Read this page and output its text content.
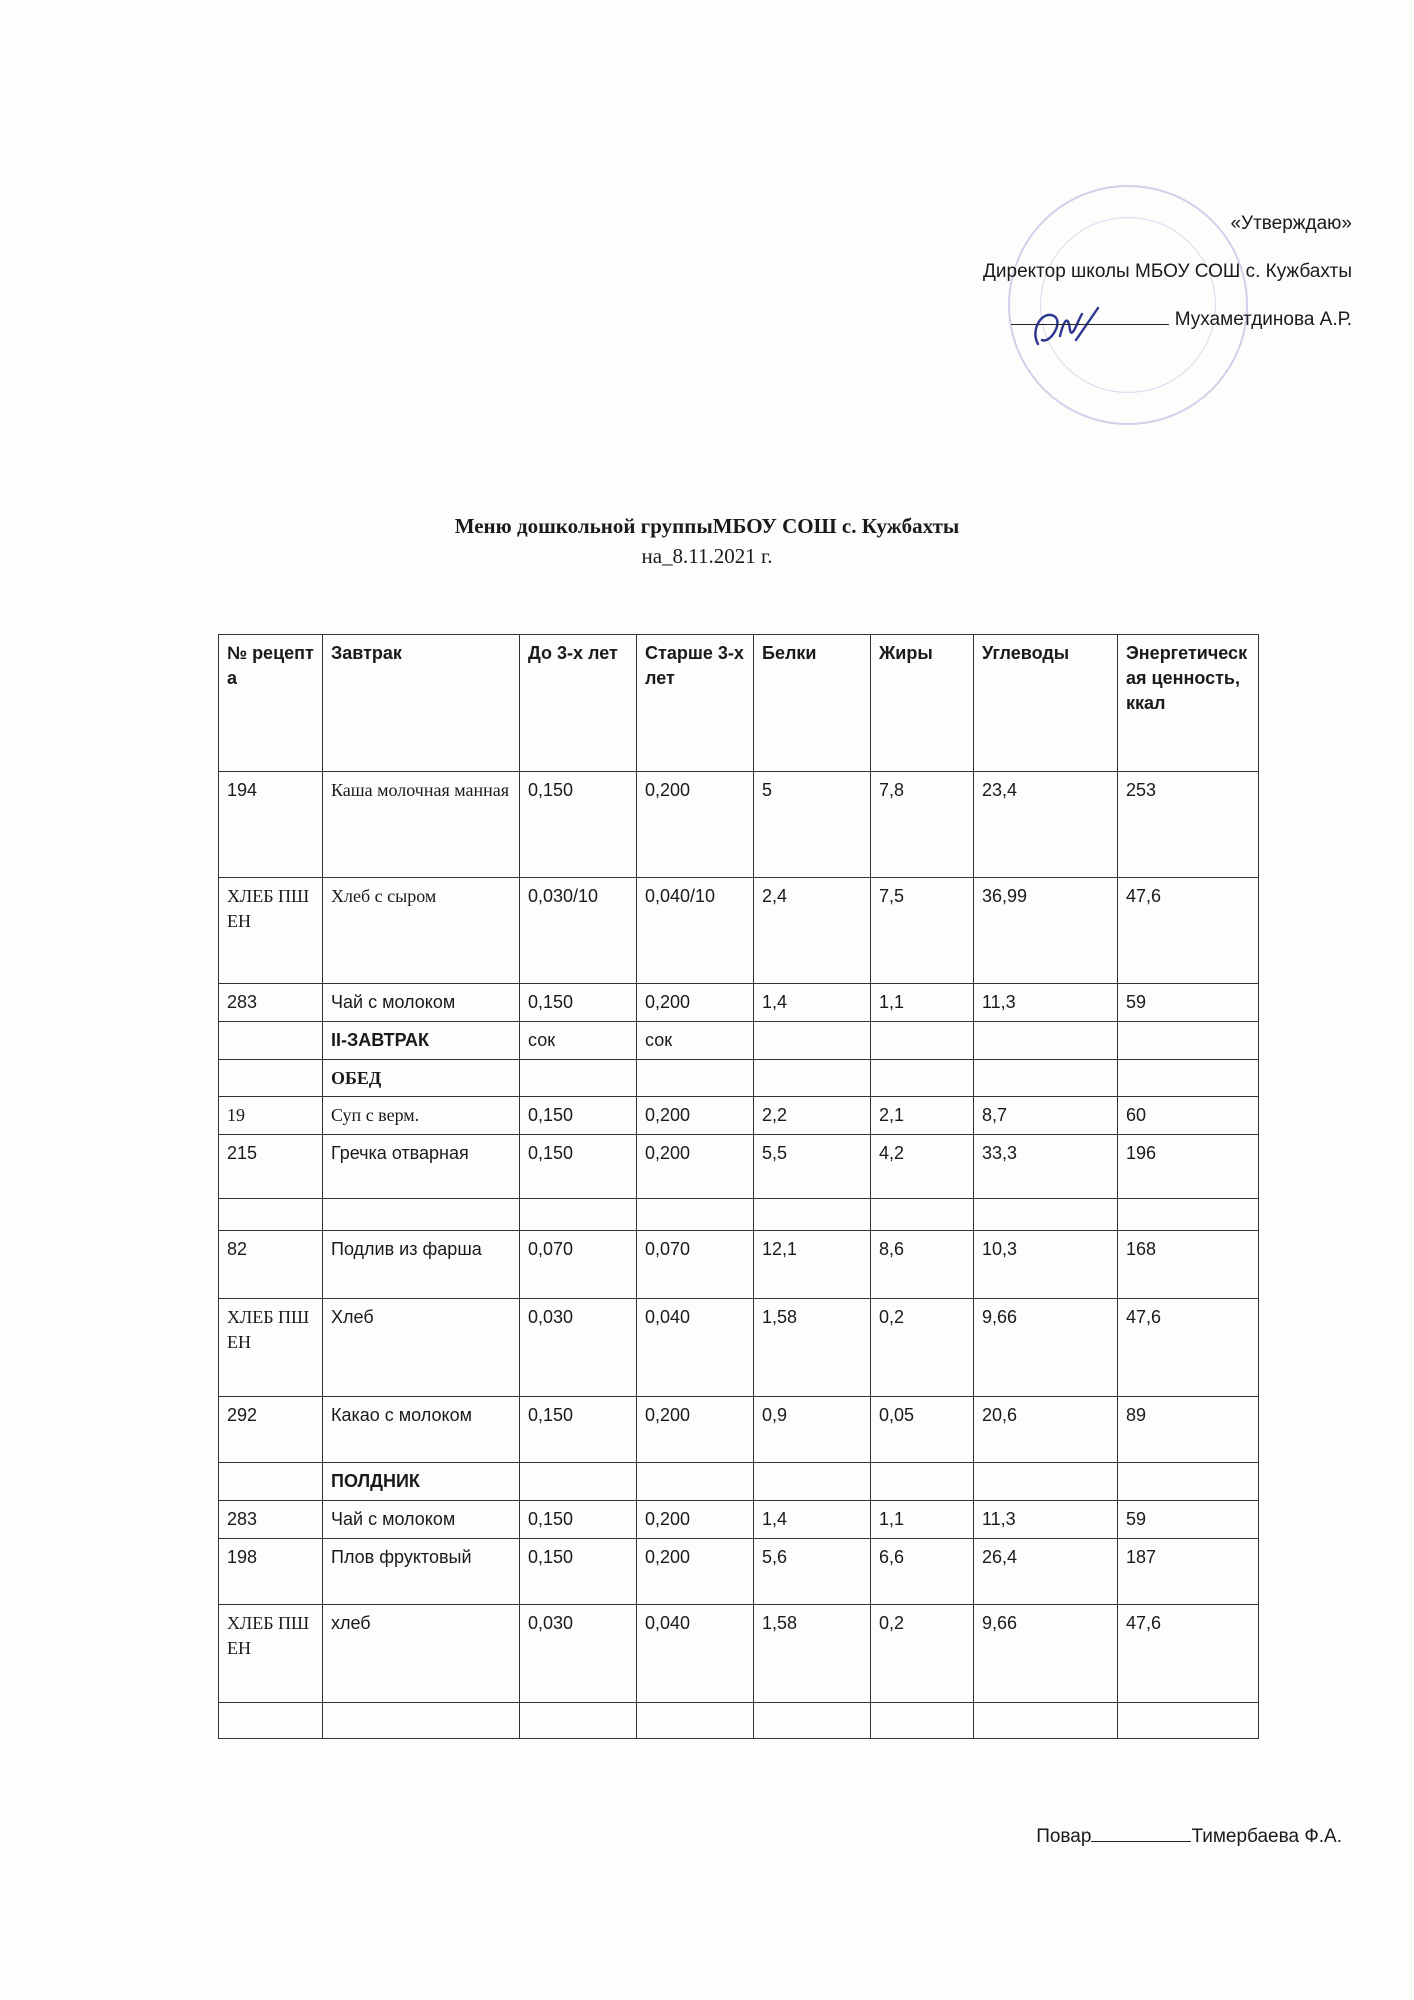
«Утверждаю»
Директор школы МБОУ СОШ с. Кужбахты
Мухаметдинова А.Р.
Меню дошкольной группыМБОУ СОШ с. Кужбахты
на_8.11.2021 г.
№ рецепта	Завтрак	До 3-х лет	Старше 3-х лет	Белки	Жиры	Углеводы	Энергетическая ценность, ккал
194	Каша молочная манная	0,150	0,200	5	7,8	23,4	253
ХЛЕБ ПШЕН	Хлеб с сыром	0,030/10	0,040/10	2,4	7,5	36,99	47,6
283	Чай с молоком	0,150	0,200	1,4	1,1	11,3	59
	II-ЗАВТРАК	сок	сок				
	ОБЕД						
19	Суп с верм.	0,150	0,200	2,2	2,1	8,7	60
215	Гречка отварная	0,150	0,200	5,5	4,2	33,3	196

82	Подлив из фарша	0,070	0,070	12,1	8,6	10,3	168
ХЛЕБ ПШЕН	Хлеб	0,030	0,040	1,58	0,2	9,66	47,6
292	Какао с молоком	0,150	0,200	0,9	0,05	20,6	89
	ПОЛДНИК						
283	Чай с молоком	0,150	0,200	1,4	1,1	11,3	59
198	Плов фруктовый	0,150	0,200	5,6	6,6	26,4	187
ХЛЕБ ПШЕН	хлеб	0,030	0,040	1,58	0,2	9,66	47,6

Повар	Тимербаева Ф.А.
